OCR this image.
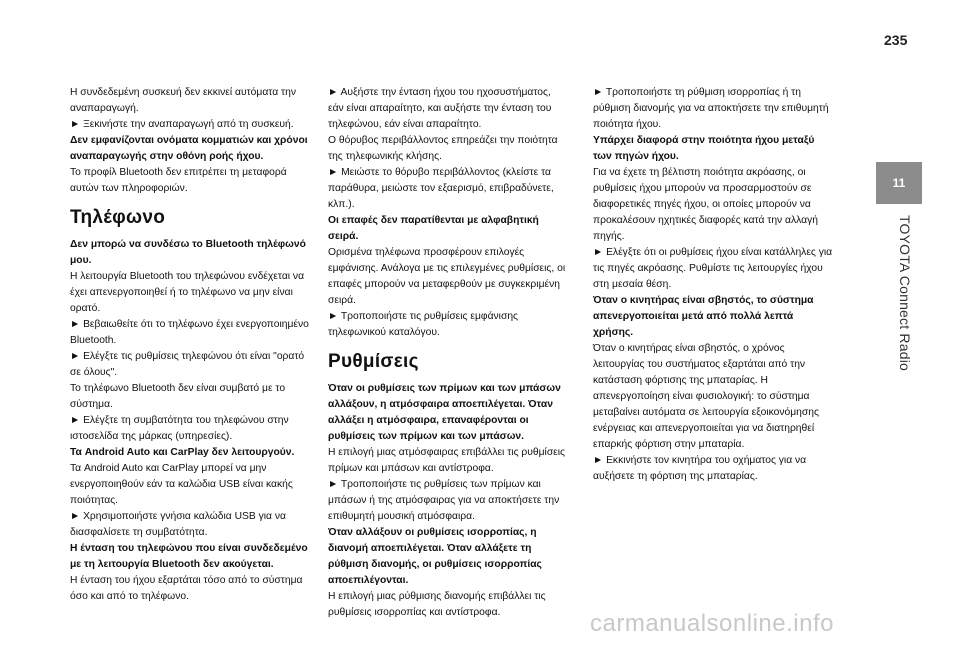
235
11
TOYOTA Connect Radio

Η συνδεδεμένη συσκευή δεν εκκινεί αυτόματα την αναπαραγωγή.

► Ξεκινήστε την αναπαραγωγή από τη συσκευή.

Δεν εμφανίζονται ονόματα κομματιών και χρόνοι αναπαραγωγής στην οθόνη ροής ήχου.

Το προφίλ Bluetooth δεν επιτρέπει τη μεταφορά αυτών των πληροφοριών.

Τηλέφωνο

Δεν μπορώ να συνδέσω το Bluetooth τηλέφωνό μου.

Η λειτουργία Bluetooth του τηλεφώνου ενδέχεται να έχει απενεργοποιηθεί ή το τηλέφωνο να μην είναι ορατό.

► Βεβαιωθείτε ότι το τηλέφωνο έχει ενεργοποιημένο Bluetooth.

► Ελέγξτε τις ρυθμίσεις τηλεφώνου ότι είναι "ορατό σε όλους".

Το τηλέφωνο Bluetooth δεν είναι συμβατό με το σύστημα.

► Ελέγξτε τη συμβατότητα του τηλεφώνου στην ιστοσελίδα της μάρκας (υπηρεσίες).

Τα Android Auto και CarPlay δεν λειτουργούν.

Τα Android Auto και CarPlay μπορεί να μην ενεργοποιηθούν εάν τα καλώδια USB είναι κακής ποιότητας.

► Χρησιμοποιήστε γνήσια καλώδια USB για να διασφαλίσετε τη συμβατότητα.

Η ένταση του τηλεφώνου που είναι συνδεδεμένο με τη λειτουργία Bluetooth δεν ακούγεται.

Η ένταση του ήχου εξαρτάται τόσο από το σύστημα όσο και από το τηλέφωνο.

► Αυξήστε την ένταση ήχου του ηχοσυστήματος, εάν είναι απαραίτητο, και αυξήστε την ένταση του τηλεφώνου, εάν είναι απαραίτητο.

Ο θόρυβος περιβάλλοντος επηρεάζει την ποιότητα της τηλεφωνικής κλήσης.

► Μειώστε το θόρυβο περιβάλλοντος (κλείστε τα παράθυρα, μειώστε τον εξαερισμό, επιβραδύνετε, κλπ.).

Οι επαφές δεν παρατίθενται με αλφαβητική σειρά.

Ορισμένα τηλέφωνα προσφέρουν επιλογές εμφάνισης. Ανάλογα με τις επιλεγμένες ρυθμίσεις, οι επαφές μπορούν να μεταφερθούν με συγκεκριμένη σειρά.

► Τροποποιήστε τις ρυθμίσεις εμφάνισης τηλεφωνικού καταλόγου.

Ρυθμίσεις

Όταν οι ρυθμίσεις των πρίμων και των μπάσων αλλάξουν, η ατμόσφαιρα αποεπιλέγεται. Όταν αλλάξει η ατμόσφαιρα, επαναφέρονται οι ρυθμίσεις των πρίμων και των μπάσων.

Η επιλογή μιας ατμόσφαιρας επιβάλλει τις ρυθμίσεις πρίμων και μπάσων και αντίστροφα.

► Τροποποιήστε τις ρυθμίσεις των πρίμων και μπάσων ή της ατμόσφαιρας για να αποκτήσετε την επιθυμητή μουσική ατμόσφαιρα.

Όταν αλλάξουν οι ρυθμίσεις ισορροπίας, η διανομή αποεπιλέγεται. Όταν αλλάξετε τη ρύθμιση διανομής, οι ρυθμίσεις ισορροπίας αποεπιλέγονται.

Η επιλογή μιας ρύθμισης διανομής επιβάλλει τις ρυθμίσεις ισορροπίας και αντίστροφα.

► Τροποποιήστε τη ρύθμιση ισορροπίας ή τη ρύθμιση διανομής για να αποκτήσετε την επιθυμητή ποιότητα ήχου.

Υπάρχει διαφορά στην ποιότητα ήχου μεταξύ των πηγών ήχου.

Για να έχετε τη βέλτιστη ποιότητα ακρόασης, οι ρυθμίσεις ήχου μπορούν να προσαρμοστούν σε διαφορετικές πηγές ήχου, οι οποίες μπορούν να προκαλέσουν ηχητικές διαφορές κατά την αλλαγή πηγής.

► Ελέγξτε ότι οι ρυθμίσεις ήχου είναι κατάλληλες για τις πηγές ακρόασης. Ρυθμίστε τις λειτουργίες ήχου στη μεσαία θέση.

Όταν ο κινητήρας είναι σβηστός, το σύστημα απενεργοποιείται μετά από πολλά λεπτά χρήσης.

Όταν ο κινητήρας είναι σβηστός, ο χρόνος λειτουργίας του συστήματος εξαρτάται από την κατάσταση φόρτισης της μπαταρίας. Η απενεργοποίηση είναι φυσιολογική: το σύστημα μεταβαίνει αυτόματα σε λειτουργία εξοικονόμησης ενέργειας και απενεργοποιείται για να διατηρηθεί επαρκής φόρτιση στην μπαταρία.

► Εκκινήστε τον κινητήρα του οχήματος για να αυξήσετε τη φόρτιση της μπαταρίας.

carmanualsonline.info
